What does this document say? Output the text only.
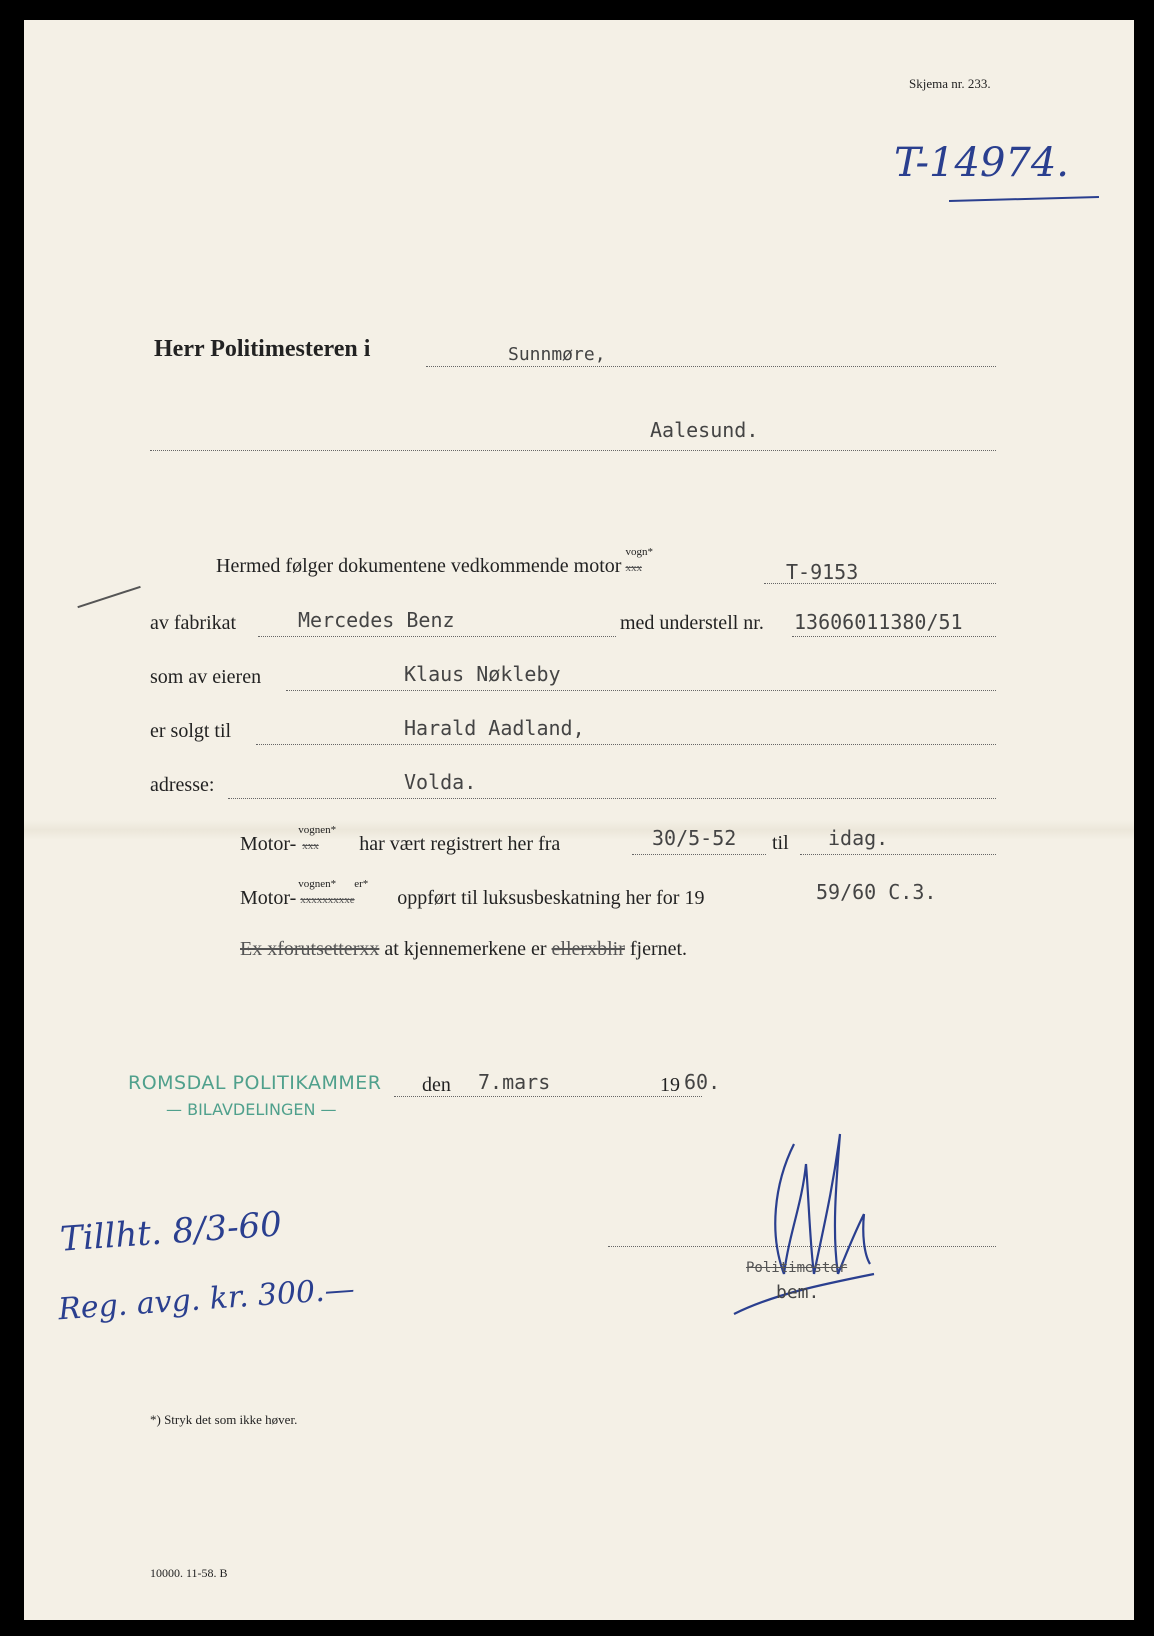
Skjema nr. 233.
T-14974.
Herr Politimesteren i	Sunnmøre,
Aalesund.
Hermed følger dokumentene vedkommende motor
vogn*
xxx	T-9153
av fabrikat	Mercedes Benz	med understell nr. 13606011380/51
som av eieren	Klaus Nøkleby
er solgt til	Harald Aadland,
adresse:	Volda.
Motor-
vognen*
xxx har vært registrert her fra	30/5-52 til idag.
Motor-
vognen* er*
xxxxxxxxxe oppført til luksusbeskatning her for 19	59/60 C.3.
Ex xforutsetterxx at kjennemerkene er ellerxblir fjernet.
ROMSDAL POLITIKAMMER
— BILAVDELINGEN —
den 7.mars	19 60.
Tillht. 8/3-60
Reg. avg. kr. 300.—
Politimester
bem.
*) Stryk det som ikke høver.
10000. 11-58. B
